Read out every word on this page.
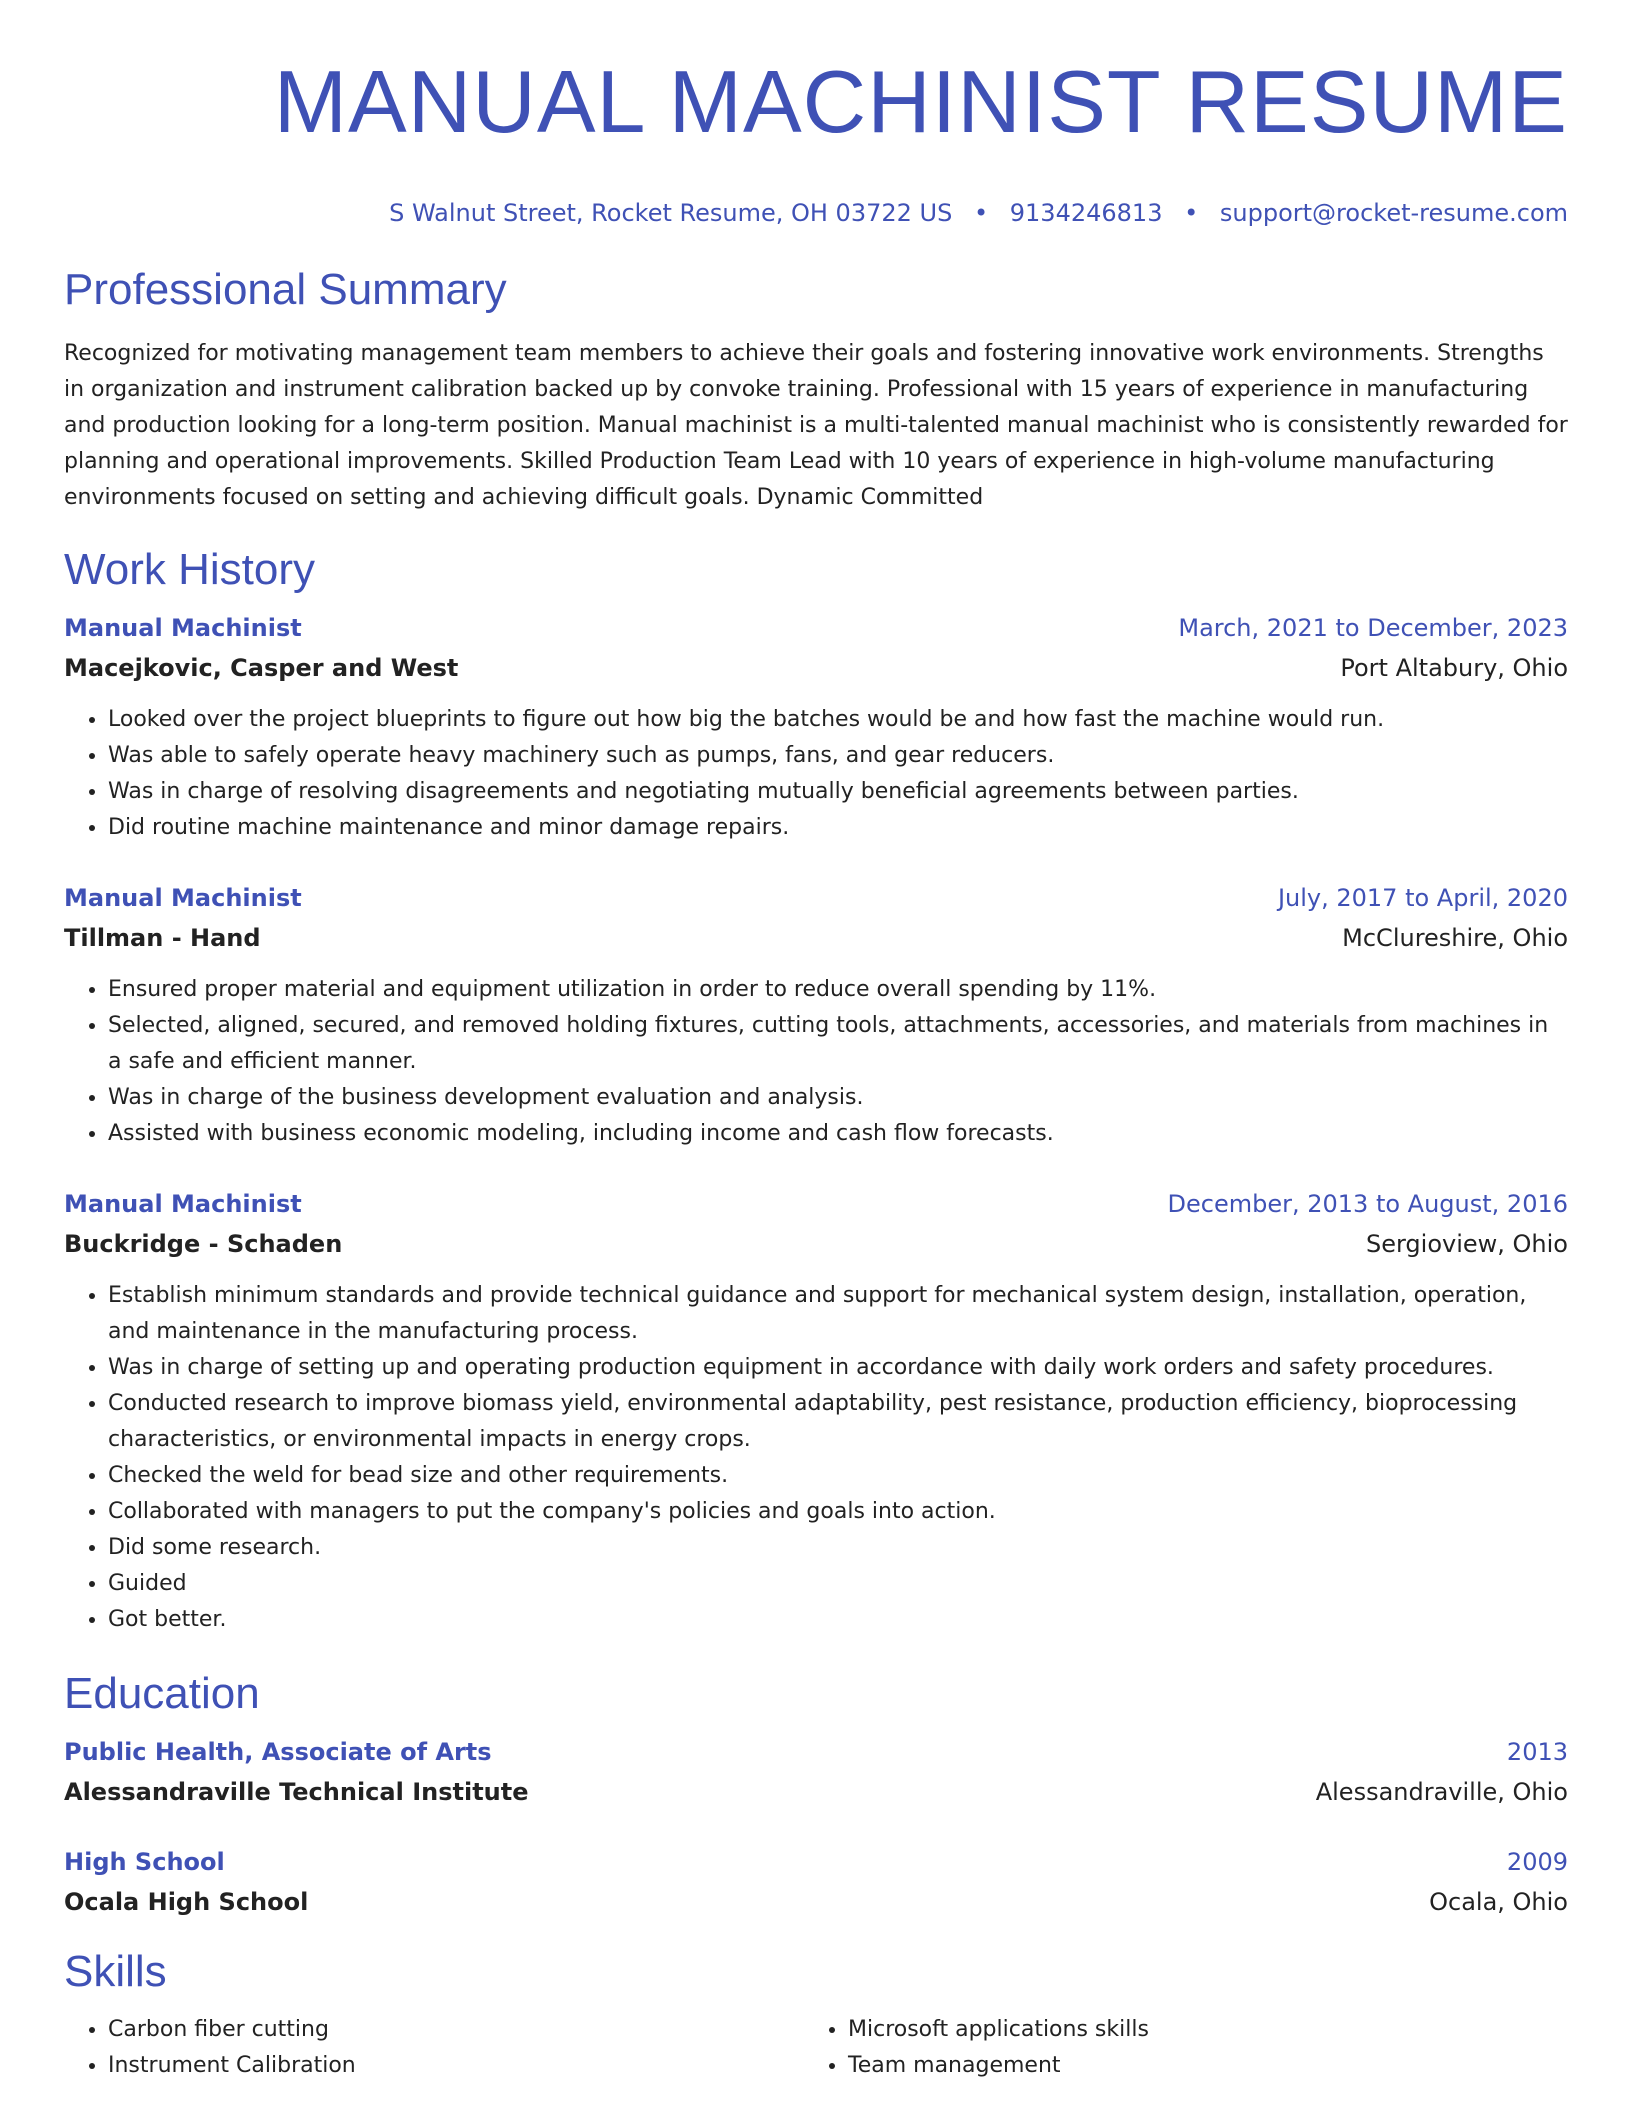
MANUAL MACHINIST RESUME
S Walnut Street, Rocket Resume, OH 03722 US • 9134246813 • support@rocket-resume.com
Professional Summary
Recognized for motivating management team members to achieve their goals and fostering innovative work environments. Strengths in organization and instrument calibration backed up by convoke training. Professional with 15 years of experience in manufacturing and production looking for a long-term position. Manual machinist is a multi-talented manual machinist who is consistently rewarded for planning and operational improvements. Skilled Production Team Lead with 10 years of experience in high-volume manufacturing environments focused on setting and achieving difficult goals. Dynamic Committed
Work History
Manual Machinist	March, 2021 to December, 2023
Macejkovic, Casper and West	Port Altabury, Ohio
• Looked over the project blueprints to figure out how big the batches would be and how fast the machine would run.
• Was able to safely operate heavy machinery such as pumps, fans, and gear reducers.
• Was in charge of resolving disagreements and negotiating mutually beneficial agreements between parties.
• Did routine machine maintenance and minor damage repairs.
Manual Machinist	July, 2017 to April, 2020
Tillman - Hand	McClureshire, Ohio
• Ensured proper material and equipment utilization in order to reduce overall spending by 11%.
• Selected, aligned, secured, and removed holding fixtures, cutting tools, attachments, accessories, and materials from machines in a safe and efficient manner.
• Was in charge of the business development evaluation and analysis.
• Assisted with business economic modeling, including income and cash flow forecasts.
Manual Machinist	December, 2013 to August, 2016
Buckridge - Schaden	Sergioview, Ohio
• Establish minimum standards and provide technical guidance and support for mechanical system design, installation, operation, and maintenance in the manufacturing process.
• Was in charge of setting up and operating production equipment in accordance with daily work orders and safety procedures.
• Conducted research to improve biomass yield, environmental adaptability, pest resistance, production efficiency, bioprocessing characteristics, or environmental impacts in energy crops.
• Checked the weld for bead size and other requirements.
• Collaborated with managers to put the company's policies and goals into action.
• Did some research.
• Guided
• Got better.
Education
Public Health, Associate of Arts	2013
Alessandraville Technical Institute	Alessandraville, Ohio
High School	2009
Ocala High School	Ocala, Ohio
Skills
• Carbon fiber cutting
• Instrument Calibration
• Microsoft applications skills
• Team management
